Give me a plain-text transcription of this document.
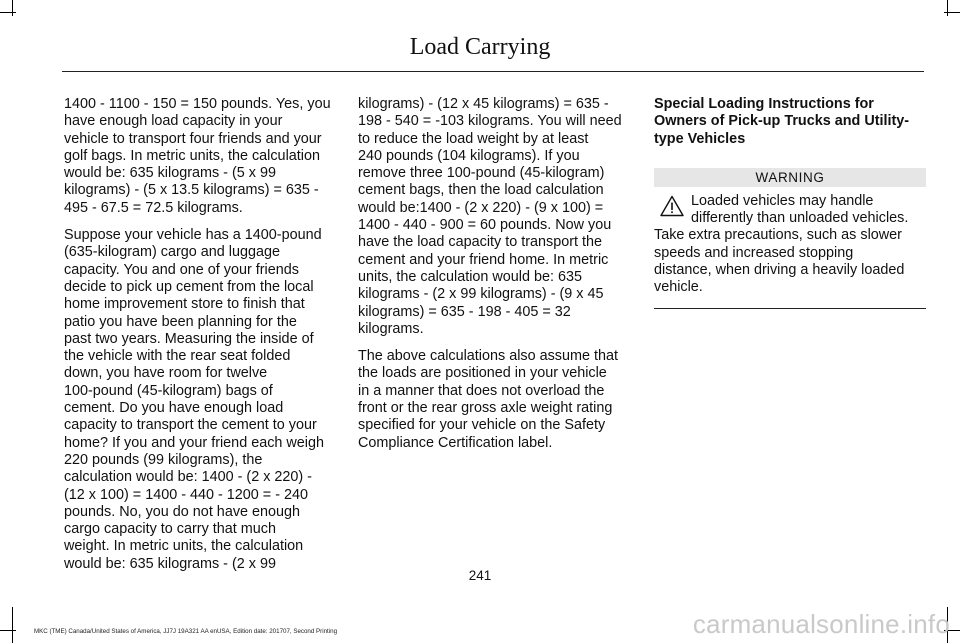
Load Carrying

1400 - 1100 - 150 = 150 pounds. Yes, you
have enough load capacity in your
vehicle to transport four friends and your
golf bags. In metric units, the calculation
would be: 635 kilograms - (5 x 99
kilograms) - (5 x 13.5 kilograms) = 635 -
495 - 67.5 = 72.5 kilograms.

Suppose your vehicle has a 1400-pound
(635-kilogram) cargo and luggage
capacity. You and one of your friends
decide to pick up cement from the local
home improvement store to finish that
patio you have been planning for the
past two years. Measuring the inside of
the vehicle with the rear seat folded
down, you have room for twelve
100-pound (45-kilogram) bags of
cement. Do you have enough load
capacity to transport the cement to your
home? If you and your friend each weigh
220 pounds (99 kilograms), the
calculation would be: 1400 - (2 x 220) -
(12 x 100) = 1400 - 440 - 1200 = - 240
pounds. No, you do not have enough
cargo capacity to carry that much
weight. In metric units, the calculation
would be: 635 kilograms - (2 x 99

kilograms) - (12 x 45 kilograms) = 635 -
198 - 540 = -103 kilograms. You will need
to reduce the load weight by at least
240 pounds (104 kilograms). If you
remove three 100-pound (45-kilogram)
cement bags, then the load calculation
would be:1400 - (2 x 220) - (9 x 100) =
1400 - 440 - 900 = 60 pounds. Now you
have the load capacity to transport the
cement and your friend home. In metric
units, the calculation would be: 635
kilograms - (2 x 99 kilograms) - (9 x 45
kilograms) = 635 - 198 - 405 = 32
kilograms.

The above calculations also assume that
the loads are positioned in your vehicle
in a manner that does not overload the
front or the rear gross axle weight rating
specified for your vehicle on the Safety
Compliance Certification label.

Special Loading Instructions for
Owners of Pick-up Trucks and Utility-
type Vehicles
WARNING
Loaded vehicles may handle
differently than unloaded vehicles.
Take extra precautions, such as slower
speeds and increased stopping
distance, when driving a heavily loaded
vehicle.
241
MKC (TME) Canada/United States of America, JJ7J 19A321 AA enUSA, Edition date: 201707, Second Printing	carmanualsonline.info
